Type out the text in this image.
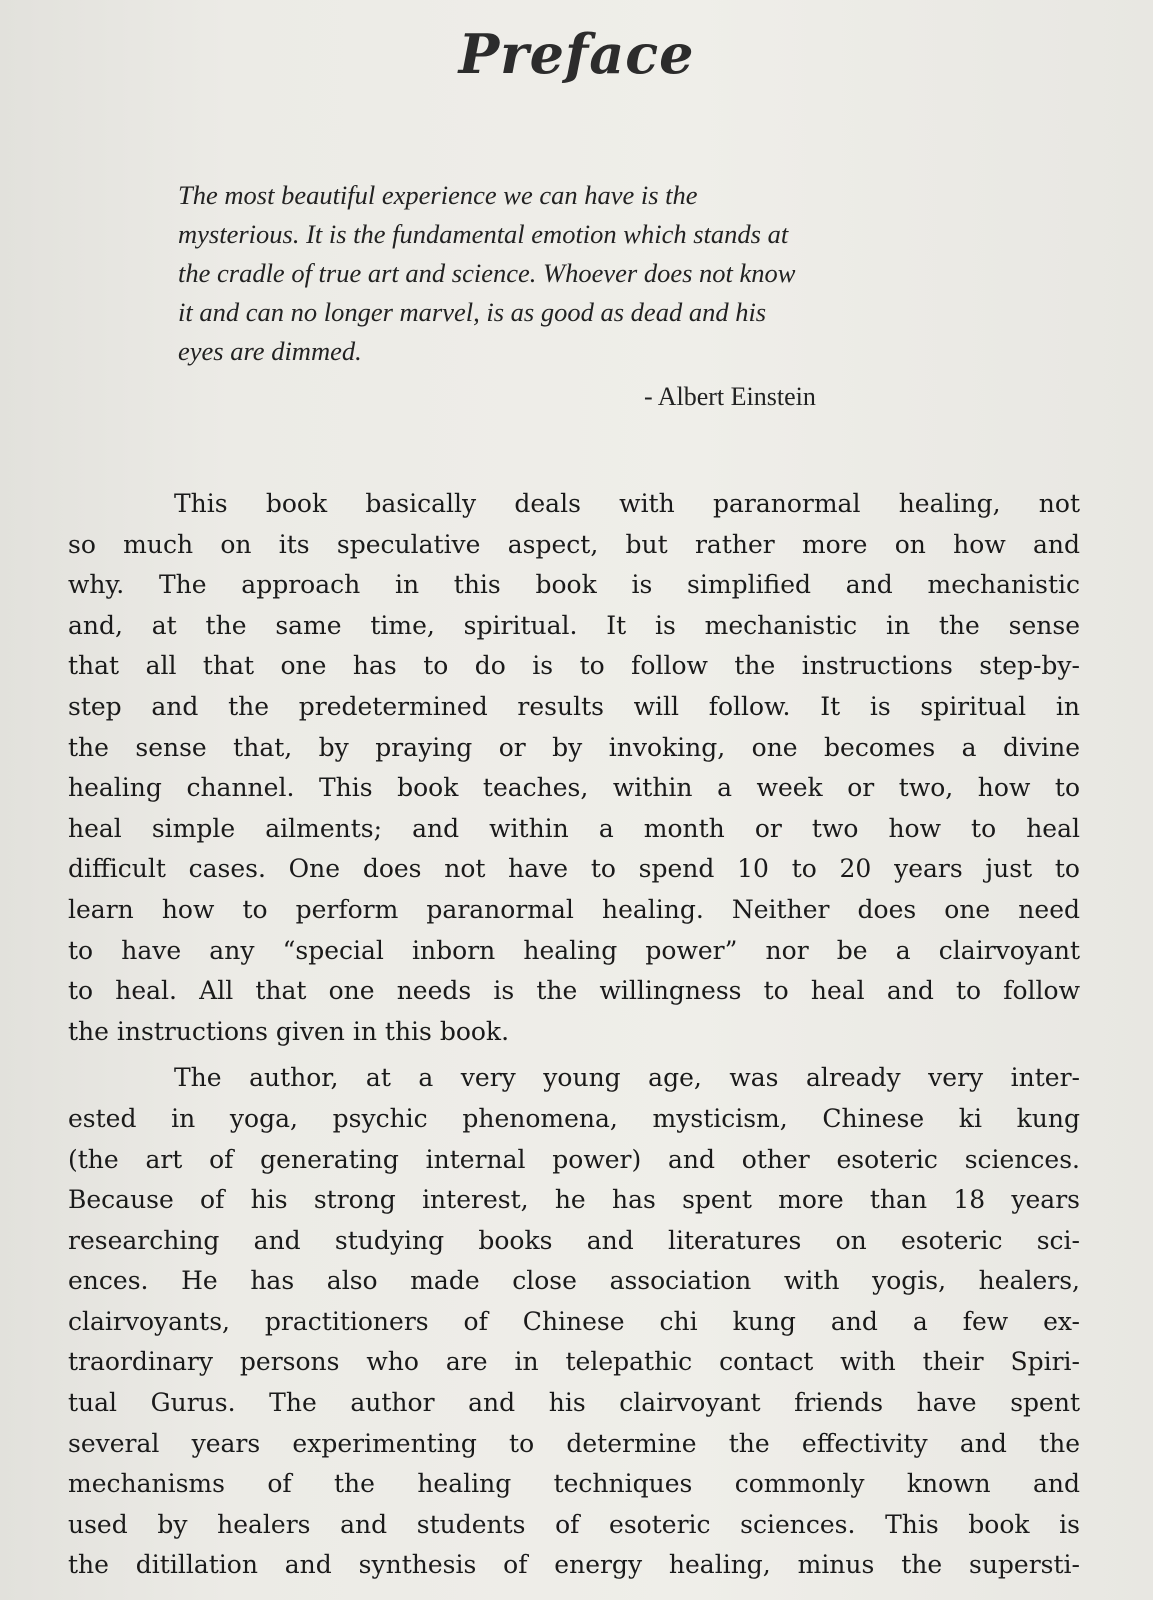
Preface
The most beautiful experience we can have is the
mysterious. It is the fundamental emotion which stands at
the cradle of true art and science. Whoever does not know
it and can no longer marvel, is as good as dead and his
eyes are dimmed.
- Albert Einstein
This book basically deals with paranormal healing, not
so much on its speculative aspect, but rather more on how and
why. The approach in this book is simplified and mechanistic
and, at the same time, spiritual. It is mechanistic in the sense
that all that one has to do is to follow the instructions step-by-
step and the predetermined results will follow. It is spiritual in
the sense that, by praying or by invoking, one becomes a divine
healing channel. This book teaches, within a week or two, how to
heal simple ailments; and within a month or two how to heal
difficult cases. One does not have to spend 10 to 20 years just to
learn how to perform paranormal healing. Neither does one need
to have any “special inborn healing power” nor be a clairvoyant
to heal. All that one needs is the willingness to heal and to follow
the instructions given in this book.
The author, at a very young age, was already very inter-
ested in yoga, psychic phenomena, mysticism, Chinese ki kung
(the art of generating internal power) and other esoteric sciences.
Because of his strong interest, he has spent more than 18 years
researching and studying books and literatures on esoteric sci-
ences. He has also made close association with yogis, healers,
clairvoyants, practitioners of Chinese chi kung and a few ex-
traordinary persons who are in telepathic contact with their Spiri-
tual Gurus. The author and his clairvoyant friends have spent
several years experimenting to determine the effectivity and the
mechanisms of the healing techniques commonly known and
used by healers and students of esoteric sciences. This book is
the ditillation and synthesis of energy healing, minus the supersti-
